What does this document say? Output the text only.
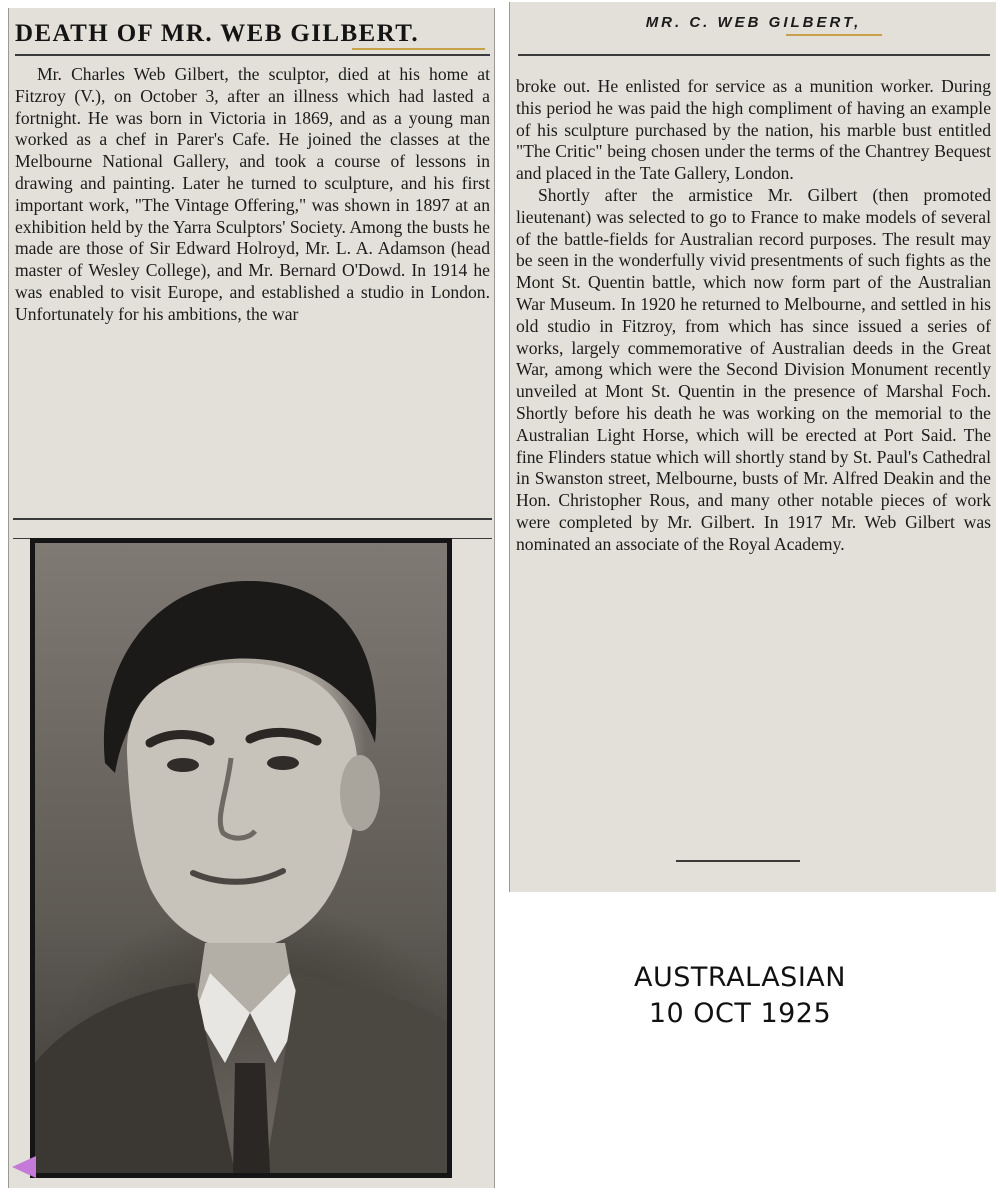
DEATH OF MR. WEB GILBERT.

Mr. Charles Web Gilbert, the sculptor, died at his home at Fitzroy (V.), on October 3, after an illness which had lasted a fortnight. He was born in Victoria in 1869, and as a young man worked as a chef in Parer's Cafe. He joined the classes at the Melbourne National Gallery, and took a course of lessons in drawing and painting. Later he turned to sculpture, and his first important work, "The Vintage Offering," was shown in 1897 at an exhibition held by the Yarra Sculptors' Society. Among the busts he made are those of Sir Edward Holroyd, Mr. L. A. Adamson (head master of Wesley College), and Mr. Bernard O'Dowd. In 1914 he was enabled to visit Europe, and established a studio in London. Unfortunately for his ambitions, the war

MR. C. WEB GILBERT,

broke out. He enlisted for service as a munition worker. During this period he was paid the high compliment of having an example of his sculpture purchased by the nation, his marble bust entitled "The Critic" being chosen under the terms of the Chantrey Bequest and placed in the Tate Gallery, London.

Shortly after the armistice Mr. Gilbert (then promoted lieutenant) was selected to go to France to make models of several of the battle-fields for Australian record purposes. The result may be seen in the wonderfully vivid presentments of such fights as the Mont St. Quentin battle, which now form part of the Australian War Museum. In 1920 he returned to Melbourne, and settled in his old studio in Fitzroy, from which has since issued a series of works, largely commemorative of Australian deeds in the Great War, among which were the Second Division Monument recently unveiled at Mont St. Quentin in the presence of Marshal Foch. Shortly before his death he was working on the memorial to the Australian Light Horse, which will be erected at Port Said. The fine Flinders statue which will shortly stand by St. Paul's Cathedral in Swanston street, Melbourne, busts of Mr. Alfred Deakin and the Hon. Christopher Rous, and many other notable pieces of work were completed by Mr. Gilbert. In 1917 Mr. Web Gilbert was nominated an associate of the Royal Academy.

AUSTRALASIAN
10 OCT 1925
